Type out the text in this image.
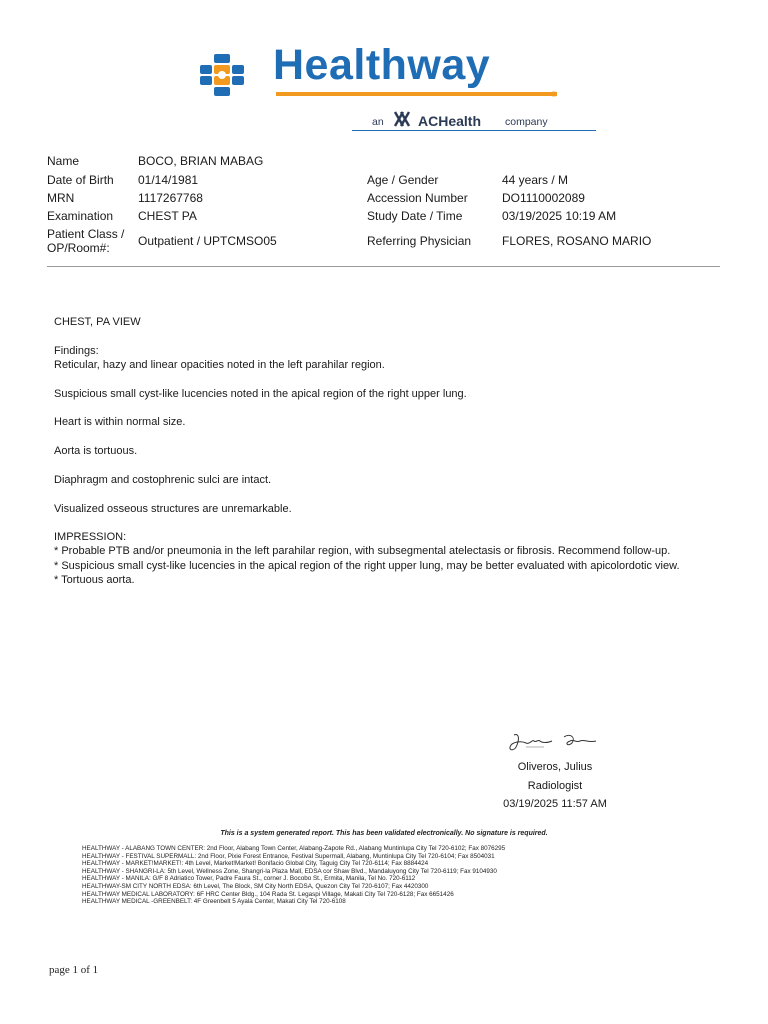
Healthway
®
an ACHealth company
Name	BOCO, BRIAN MABAG
Date of Birth 01/14/1981	Age / Gender	44 years / M
MRN	1117267768	Accession Number	DO1110002089
Examination CHEST PA	Study Date / Time	03/19/2025 10:19 AM
Patient Class /
OP/Room#: Outpatient / UPTCMSO05	Referring Physician	FLORES, ROSANO MARIO
CHEST, PA VIEW
Findings:
Reticular, hazy and linear opacities noted in the left parahilar region.
Suspicious small cyst-like lucencies noted in the apical region of the right upper lung.
Heart is within normal size.
Aorta is tortuous.
Diaphragm and costophrenic sulci are intact.
Visualized osseous structures are unremarkable.
IMPRESSION:
* Probable PTB and/or pneumonia in the left parahilar region, with subsegmental atelectasis or fibrosis. Recommend follow-up.
* Suspicious small cyst-like lucencies in the apical region of the right upper lung, may be better evaluated with apicolordotic view.
* Tortuous aorta.
Oliveros, Julius
Radiologist
03/19/2025 11:57 AM
This is a system generated report. This has been validated electronically. No signature is required.
HEALTHWAY - ALABANG TOWN CENTER: 2nd Floor, Alabang Town Center, Alabang-Zapote Rd., Alabang Muntinlupa City Tel 720-6102; Fax 8076295
HEALTHWAY - FESTIVAL SUPERMALL: 2nd Floor, Pixie Forest Entrance, Festival Supermall, Alabang, Muntinlupa City Tel 720-6104; Fax 8504031
HEALTHWAY - MARKET!MARKET!: 4th Level, Market!Market! Bonifacio Global City, Taguig City Tel 720-6114; Fax 8884424
HEALTHWAY - SHANGRI-LA: 5th Level, Wellness Zone, Shangri-la Plaza Mall, EDSA cor Shaw Blvd., Mandaluyong City Tel 720-6119; Fax 9104930
HEALTHWAY - MANILA: G/F 8 Adriatico Tower, Padre Faura St., corner J. Bocobo St., Ermita, Manila, Tel No. 720-6112
HEALTHWAY-SM CITY NORTH EDSA: 6th Level, The Block, SM City North EDSA, Quezon City Tel 720-6107; Fax 4420300
HEALTHWAY MEDICAL LABORATORY: 6F HRC Center Bldg., 104 Rada St. Legaspi Village, Makati City Tel 720-6128; Fax 6651426
HEALTHWAY MEDICAL -GREENBELT: 4F Greenbelt 5 Ayala Center, Makati City Tel 720-6108
page 1 of 1
